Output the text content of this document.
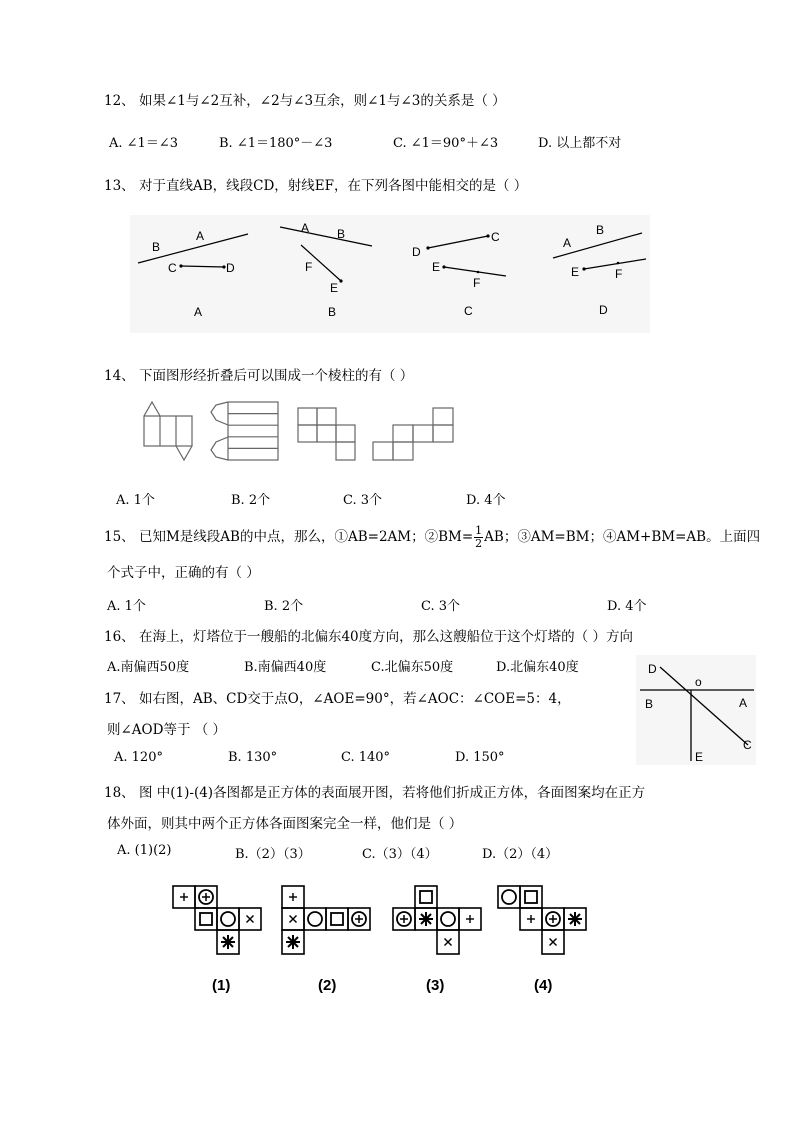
12、 如果∠1与∠2互补，∠2与∠3互余，则∠1与∠3的关系是（ ）
A. ∠1＝∠3	B. ∠1＝180°－∠3	C. ∠1＝90°＋∠3	D. 以上都不对
13、 对于直线AB，线段CD，射线EF，在下列各图中能相交的是（ ）
B
A
C	D
A
A B
F
E
B
D
C
E
F
C
A
B
E	F
D
14、 下面图形经折叠后可以围成一个棱柱的有（ ）
A. 1个	B. 2个	C. 3个	D. 4个
15、 已知M是线段AB的中点，那么，①AB=2AM；②BM= $\frac{1}{2}$ AB；③AM=BM；④AM+BM=AB。上面四
个式子中，正确的有（ ）
A. 1个	B. 2个	C. 3个	D. 4个
16、 在海上，灯塔位于一艘船的北偏东40度方向，那么这艘船位于这个灯塔的（ ）方向
A.南偏西50度	B.南偏西40度	C.北偏东50度	D.北偏东40度
17、 如右图，AB、CD交于点O，∠AOE=90°，若∠AOC：∠COE=5：4，
则∠AOD等于 （ ）
A. 120°	B. 130°	C. 140°	D. 150°
D
o
B	A
E
C
18、 图 中(1)-(4)各图都是正方体的表面展开图，若将他们折成正方体，各面图案均在正方
体外面，则其中两个正方体各面图案完全一样，他们是（ ）
A. (1)(2)	B.（2）（3）	C.（3）（4）	D.（2）（4）
(1)	(2)	(3)	(4)
